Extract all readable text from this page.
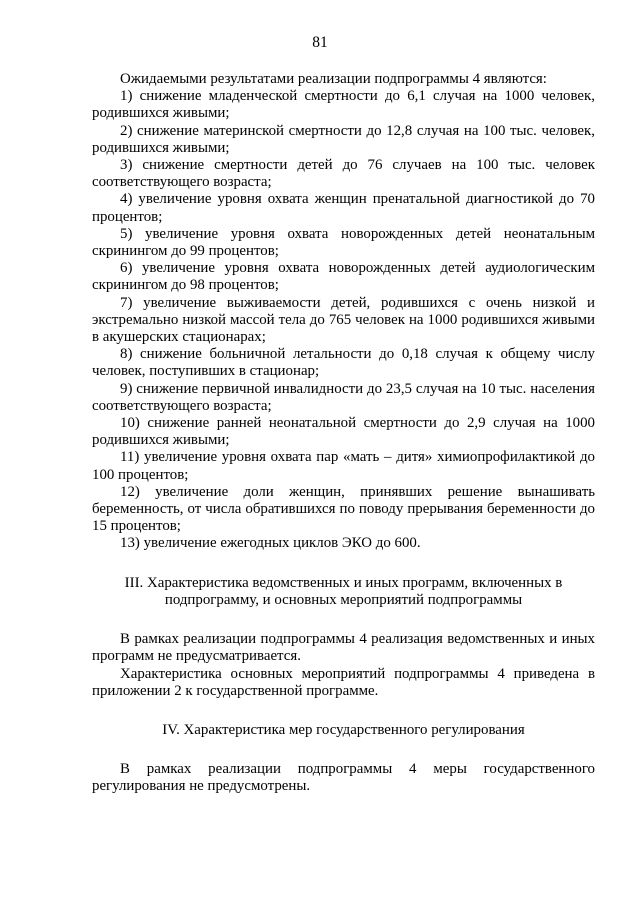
81

Ожидаемыми результатами реализации подпрограммы 4 являются:

1) снижение младенческой смертности до 6,1 случая на 1000 человек, родившихся живыми;

2) снижение материнской смертности до 12,8 случая на 100 тыс. человек, родившихся живыми;

3) снижение смертности детей до 76 случаев на 100 тыс. человек соответствующего возраста;

4) увеличение уровня охвата женщин пренатальной диагностикой до 70 процентов;

5) увеличение уровня охвата новорожденных детей неонатальным скринингом до 99 процентов;

6) увеличение уровня охвата новорожденных детей аудиологическим скринингом до 98 процентов;

7) увеличение выживаемости детей, родившихся с очень низкой и экстремально низкой массой тела до 765 человек на 1000 родившихся живыми в акушерских стационарах;

8) снижение больничной летальности до 0,18 случая к общему числу человек, поступивших в стационар;

9) снижение первичной инвалидности до 23,5 случая на 10 тыс. населения соответствующего возраста;

10) снижение ранней неонатальной смертности до 2,9 случая на 1000 родившихся живыми;

11) увеличение уровня охвата пар «мать – дитя» химиопрофилактикой до 100 процентов;

12) увеличение доли женщин, принявших решение вынашивать беременность, от числа обратившихся по поводу прерывания беременности до 15 процентов;

13) увеличение ежегодных циклов ЭКО до 600.

III. Характеристика ведомственных и иных программ, включенных в подпрограмму, и основных мероприятий подпрограммы

В рамках реализации подпрограммы 4 реализация ведомственных и иных программ не предусматривается.

Характеристика основных мероприятий подпрограммы 4 приведена в приложении 2 к государственной программе.

IV. Характеристика мер государственного регулирования

В рамках реализации подпрограммы 4 меры государственного регулирования не предусмотрены.
